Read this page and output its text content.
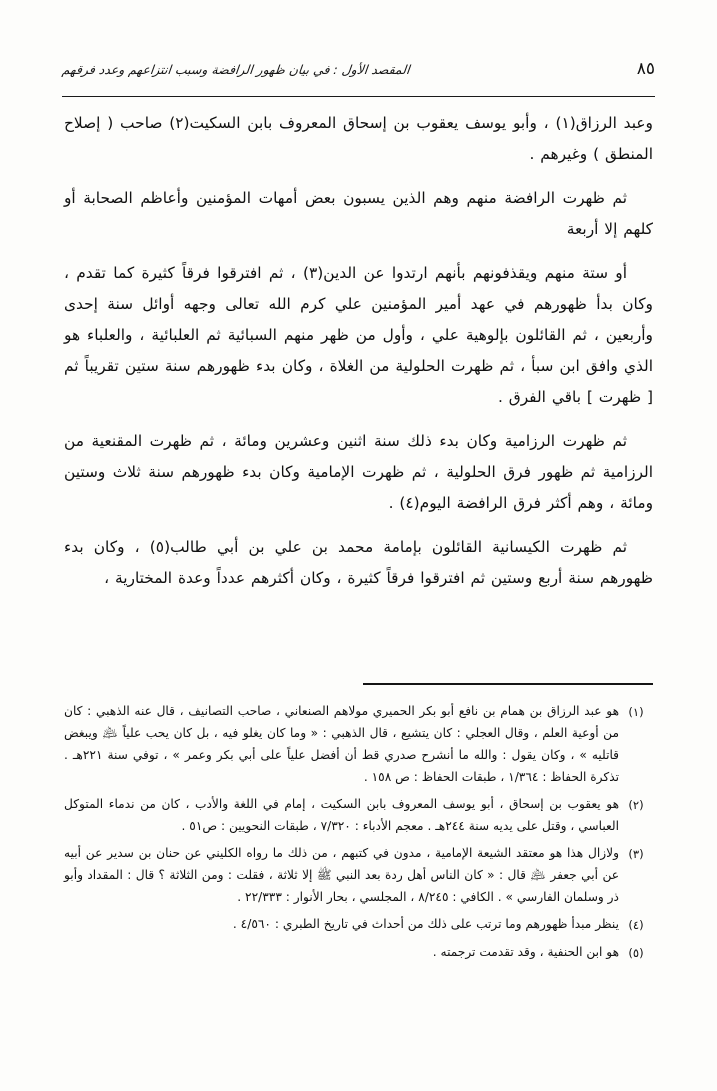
المقصد الأول : في بيان ظهور الرافضة وسبب انتزاعهم وعدد فرقهم	٨٥

وعبد الرزاق(١) ، وأبو يوسف يعقوب بن إسحاق المعروف بابن السكيت(٢) صاحب ( إصلاح المنطق ) وغيرهم .

ثم ظهرت الرافضة منهم وهم الذين يسبون بعض أمهات المؤمنين وأعاظم الصحابة أو كلهم إلا أربعة

أو ستة منهم ويقذفونهم بأنهم ارتدوا عن الدين(٣) ، ثم افترقوا فرقاً كثيرة كما تقدم ، وكان بدأ ظهورهم في عهد أمير المؤمنين علي كرم الله تعالى وجهه أوائل سنة إحدى وأربعين ، ثم القائلون بإلوهية علي ، وأول من ظهر منهم السبائية ثم العلبائية ، والعلباء هو الذي وافق ابن سبأ ، ثم ظهرت الحلولية من الغلاة ، وكان بدء ظهورهم سنة ستين تقريباً ثم [ ظهرت ] باقي الفرق .

ثم ظهرت الرزامية وكان بدء ذلك سنة اثنين وعشرين ومائة ، ثم ظهرت المقنعية من الرزامية ثم ظهور فرق الحلولية ، ثم ظهرت الإمامية وكان بدء ظهورهم سنة ثلاث وستين ومائة ، وهم أكثر فرق الرافضة اليوم(٤) .

ثم ظهرت الكيسانية القائلون بإمامة محمد بن علي بن أبي طالب(٥) ، وكان بدء ظهورهم سنة أربع وستين ثم افترقوا فرقاً كثيرة ، وكان أكثرهم عدداً وعدة المختارية ،

(١)
هو عبد الرزاق بن همام بن نافع أبو بكر الحميري مولاهم الصنعاني ، صاحب التصانيف ، قال عنه الذهبي : كان من أوعية العلم ، وقال العجلي : كان يتشيع ، قال الذهبي : « وما كان يغلو فيه ، بل كان يحب علياً ﵇ ويبغض قاتليه » ، وكان يقول : والله ما أنشرح صدري قط أن أفضل علياً على أبي بكر وعمر » ، توفي سنة ٢٢١هـ . تذكرة الحفاظ : ١/٣٦٤ ، طبقات الحفاظ : ص ١٥٨ .
(٢)
هو يعقوب بن إسحاق ، أبو يوسف المعروف بابن السكيت ، إمام في اللغة والأدب ، كان من ندماء المتوكل العباسي ، وقتل على يديه سنة ٢٤٤هـ . معجم الأدباء : ٧/٣٢٠ ، طبقات النحويين : ص٥١ .
(٣)
ولازال هذا هو معتقد الشيعة الإمامية ، مدون في كتبهم ، من ذلك ما رواه الكليني عن حنان بن سدير عن أبيه عن أبي جعفر ﵇ قال : « كان الناس أهل ردة بعد النبي ﷺ إلا ثلاثة ، فقلت : ومن الثلاثة ؟ قال : المقداد وأبو ذر وسلمان الفارسي » . الكافي : ٨/٢٤٥ ، المجلسي ، بحار الأنوار : ٢٢/٣٣٣ .
(٤)
ينظر مبدأ ظهورهم وما ترتب على ذلك من أحداث في تاريخ الطبري : ٤/٥٦٠ .
(٥)
هو ابن الحنفية ، وقد تقدمت ترجمته .
